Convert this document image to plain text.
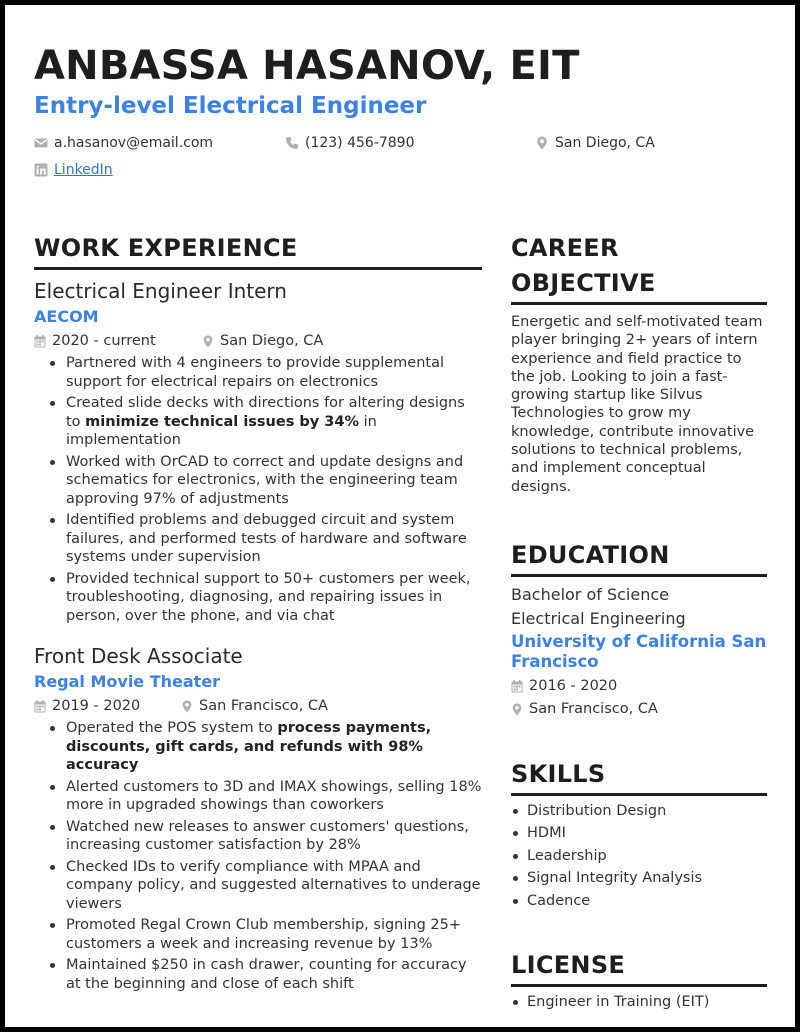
ANBASSA HASANOV, EIT
Entry-level Electrical Engineer
a.hasanov@email.com	(123) 456-7890	San Diego, CA
LinkedIn
WORK EXPERIENCE
Electrical Engineer Intern
AECOM
2020 - current	San Diego, CA
Partnered with 4 engineers to provide supplemental support for electrical repairs on electronics
Created slide decks with directions for altering designs to minimize technical issues by 34% in implementation
Worked with OrCAD to correct and update designs and schematics for electronics, with the engineering team approving 97% of adjustments
Identified problems and debugged circuit and system failures, and performed tests of hardware and software systems under supervision
Provided technical support to 50+ customers per week, troubleshooting, diagnosing, and repairing issues in person, over the phone, and via chat
Front Desk Associate
Regal Movie Theater
2019 - 2020	San Francisco, CA
Operated the POS system to process payments, discounts, gift cards, and refunds with 98% accuracy
Alerted customers to 3D and IMAX showings, selling 18% more in upgraded showings than coworkers
Watched new releases to answer customers' questions, increasing customer satisfaction by 28%
Checked IDs to verify compliance with MPAA and company policy, and suggested alternatives to underage viewers
Promoted Regal Crown Club membership, signing 25+ customers a week and increasing revenue by 13%
Maintained $250 in cash drawer, counting for accuracy at the beginning and close of each shift
CAREER OBJECTIVE
Energetic and self-motivated team player bringing 2+ years of intern experience and field practice to the job. Looking to join a fast-growing startup like Silvus Technologies to grow my knowledge, contribute innovative solutions to technical problems, and implement conceptual designs.
EDUCATION
Bachelor of Science
Electrical Engineering
University of California San Francisco
2016 - 2020
San Francisco, CA
SKILLS
Distribution Design
HDMI
Leadership
Signal Integrity Analysis
Cadence
LICENSE
Engineer in Training (EIT)
